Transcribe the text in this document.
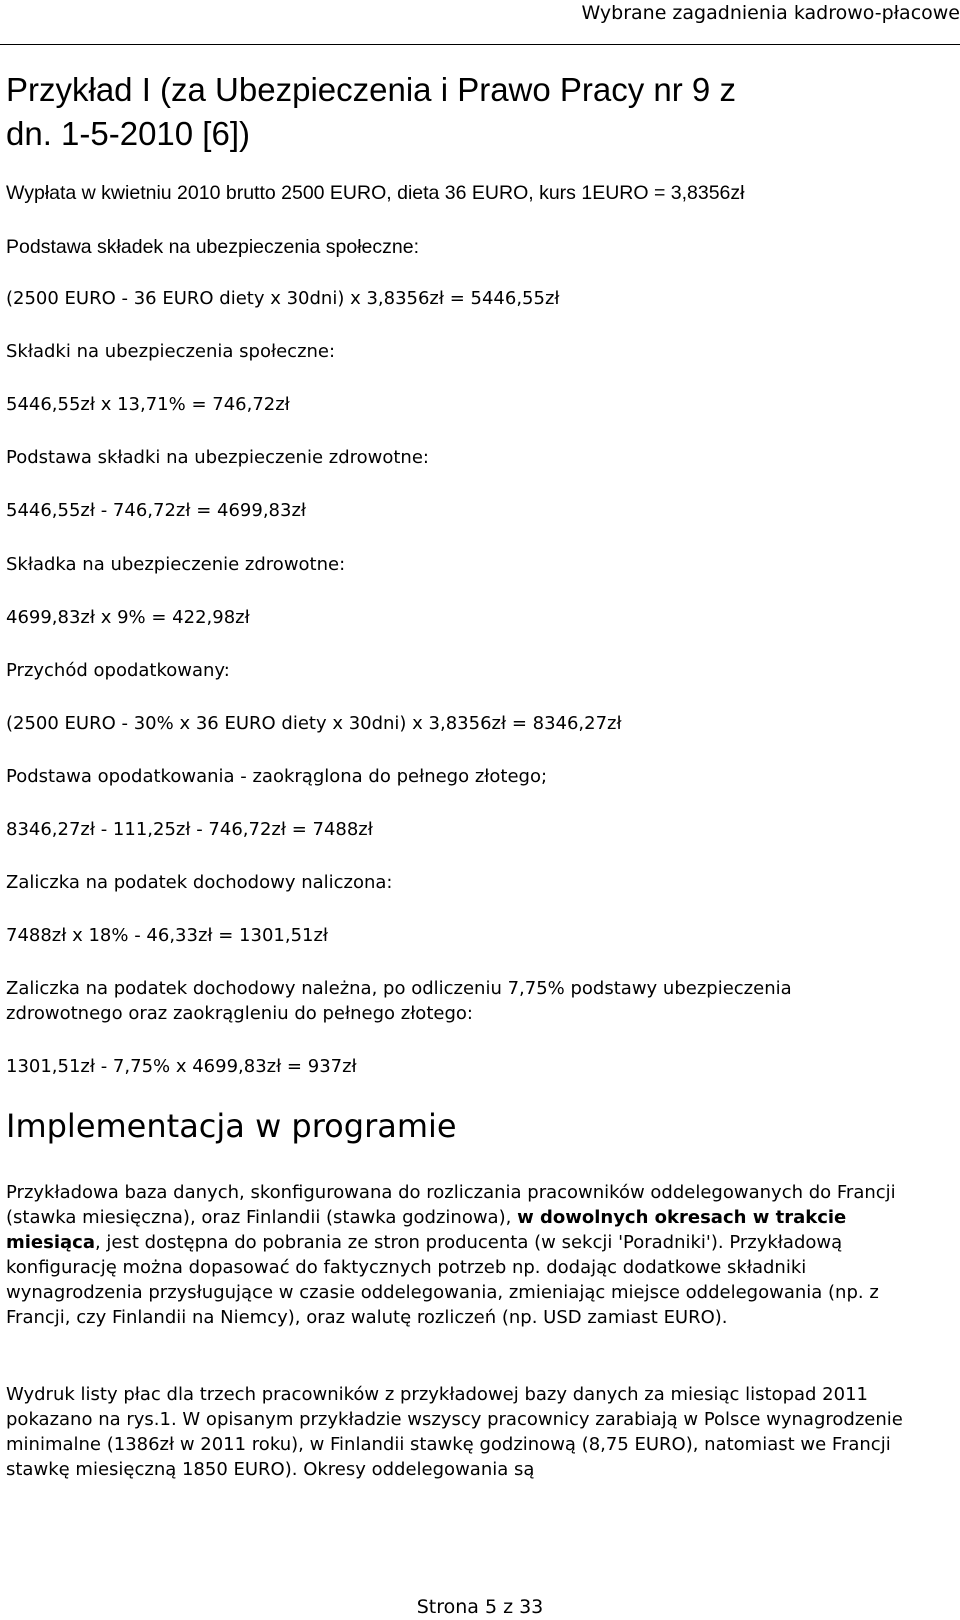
Wybrane zagadnienia kadrowo-płacowe
Przykład I (za Ubezpieczenia i Prawo Pracy nr 9 z dn. 1-5-2010 [6])

Wypłata w kwietniu 2010 brutto 2500 EURO, dieta 36 EURO, kurs 1EURO = 3,8356zł

Podstawa składek na ubezpieczenia społeczne:

(2500 EURO - 36 EURO diety x 30dni) x 3,8356zł = 5446,55zł

Składki na ubezpieczenia społeczne:

5446,55zł x 13,71% = 746,72zł

Podstawa składki na ubezpieczenie zdrowotne:

5446,55zł - 746,72zł = 4699,83zł

Składka na ubezpieczenie zdrowotne:

4699,83zł x 9% = 422,98zł

Przychód opodatkowany:

(2500 EURO - 30% x 36 EURO diety x 30dni) x 3,8356zł = 8346,27zł

Podstawa opodatkowania - zaokrąglona do pełnego złotego;

8346,27zł - 111,25zł - 746,72zł = 7488zł

Zaliczka na podatek dochodowy naliczona:

7488zł x 18% - 46,33zł = 1301,51zł

Zaliczka na podatek dochodowy należna, po odliczeniu 7,75% podstawy ubezpieczenia

zdrowotnego oraz zaokrągleniu do pełnego złotego:

1301,51zł - 7,75% x 4699,83zł = 937zł

Implementacja w programie

Przykładowa baza danych, skonfigurowana do rozliczania pracowników oddelegowanych do Francji (stawka miesięczna), oraz Finlandii (stawka godzinowa), w dowolnych okresach w trakcie miesiąca, jest dostępna do pobrania ze stron producenta (w sekcji 'Poradniki'). Przykładową konfigurację można dopasować do faktycznych potrzeb np. dodając dodatkowe składniki wynagrodzenia przysługujące w czasie oddelegowania, zmieniając miejsce oddelegowania (np. z Francji, czy Finlandii na Niemcy), oraz walutę rozliczeń (np. USD zamiast EURO).

Wydruk listy płac dla trzech pracowników z przykładowej bazy danych za miesiąc listopad 2011 pokazano na rys.1. W opisanym przykładzie wszyscy pracownicy zarabiają w Polsce wynagrodzenie minimalne (1386zł w 2011 roku), w Finlandii stawkę godzinową (8,75 EURO), natomiast we Francji stawkę miesięczną 1850 EURO). Okresy oddelegowania są

Strona 5 z 33
